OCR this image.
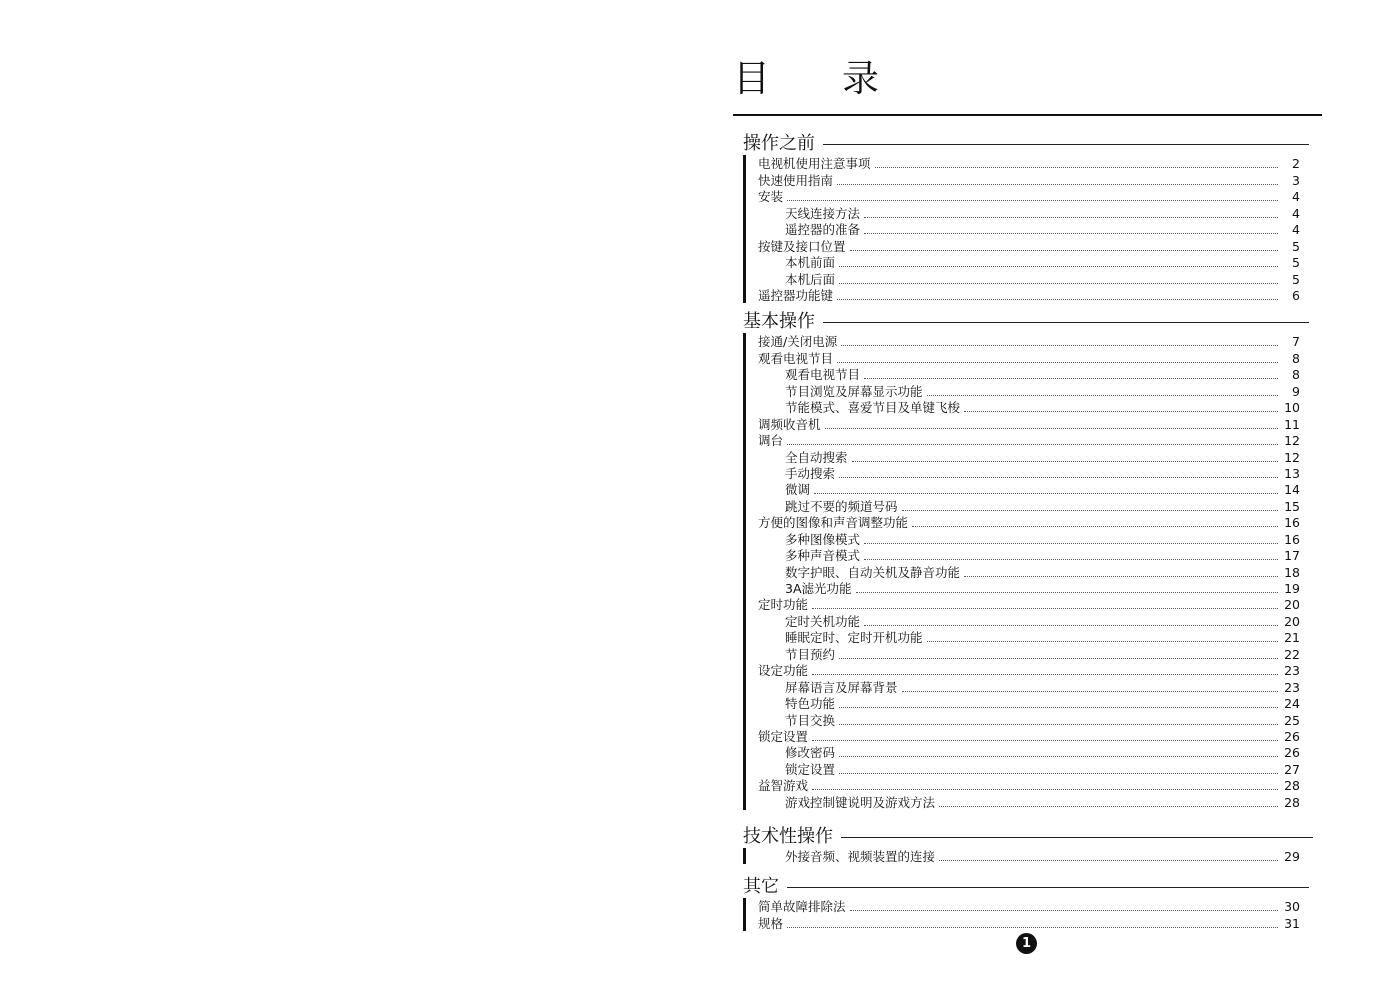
目录
操作之前
电视机使用注意事项	2
快速使用指南	3
安装	4
天线连接方法	4
遥控器的准备	4
按键及接口位置	5
本机前面	5
本机后面	5
遥控器功能键	6
基本操作
接通/关闭电源	7
观看电视节目	8
观看电视节目	8
节目浏览及屏幕显示功能	9
节能模式、喜爱节目及单键飞梭	10
调频收音机	11
调台	12
全自动搜索	12
手动搜索	13
微调	14
跳过不要的频道号码	15
方便的图像和声音调整功能	16
多种图像模式	16
多种声音模式	17
数字护眼、自动关机及静音功能	18
3A滤光功能	19
定时功能	20
定时关机功能	20
睡眠定时、定时开机功能	21
节目预约	22
设定功能	23
屏幕语言及屏幕背景	23
特色功能	24
节目交换	25
锁定设置	26
修改密码	26
锁定设置	27
益智游戏	28
游戏控制键说明及游戏方法	28
技术性操作
外接音频、视频装置的连接	29
其它
简单故障排除法	30
规格	31
1
